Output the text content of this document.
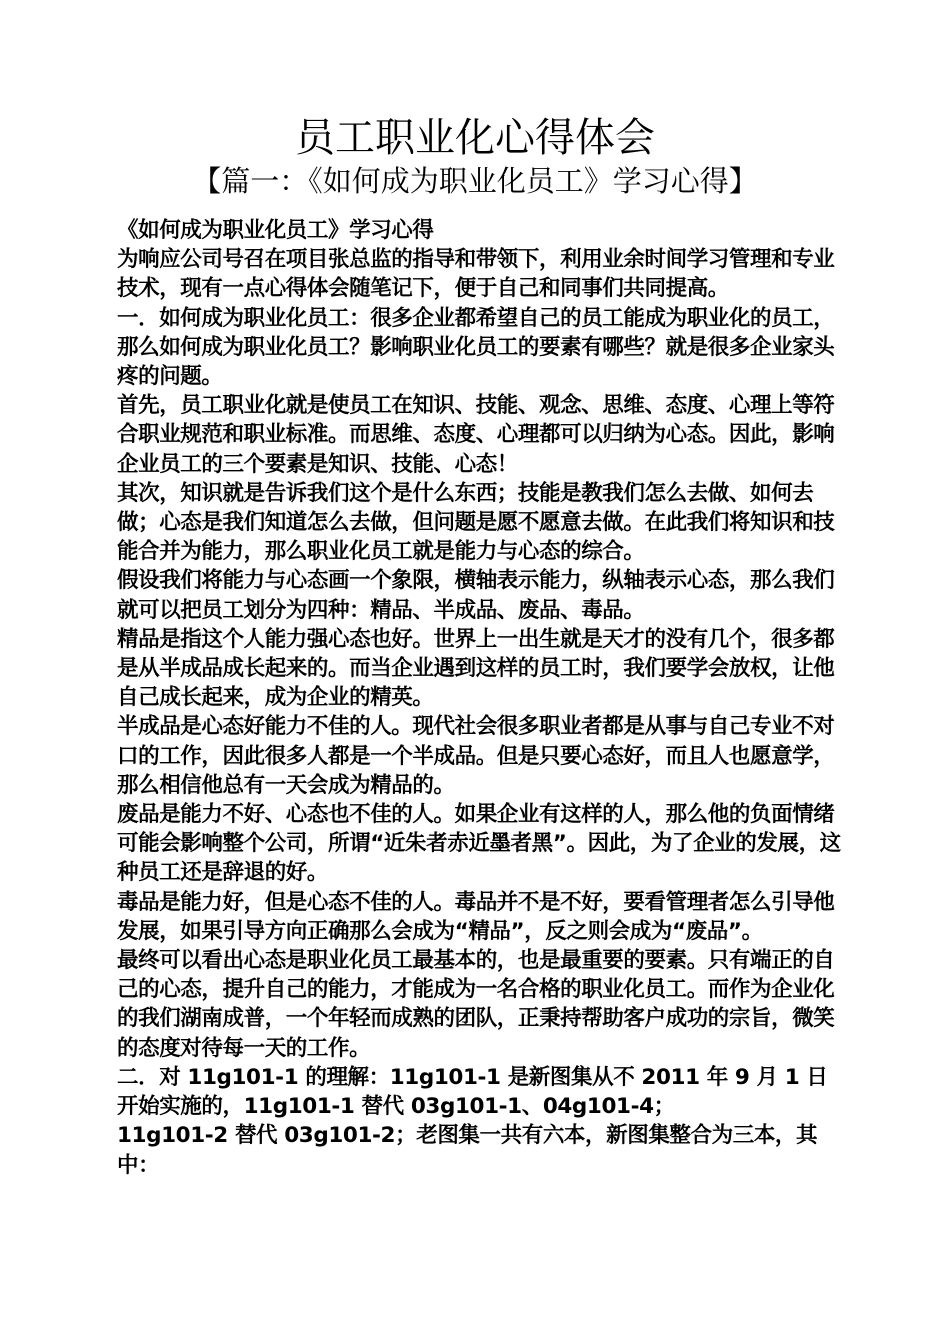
员工职业化心得体会
【篇一：《如何成为职业化员工》学习心得】

《如何成为职业化员工》学习心得

为响应公司号召在项目张总监的指导和带领下，利用业余时间学习管理和专业技术，现有一点心得体会随笔记下，便于自己和同事们共同提高。

一．如何成为职业化员工：很多企业都希望自己的员工能成为职业化的员工，那么如何成为职业化员工？影响职业化员工的要素有哪些？就是很多企业家头疼的问题。

首先，员工职业化就是使员工在知识、技能、观念、思维、态度、心理上等符合职业规范和职业标准。而思维、态度、心理都可以归纳为心态。因此，影响企业员工的三个要素是知识、技能、心态！

其次，知识就是告诉我们这个是什么东西；技能是教我们怎么去做、如何去做；心态是我们知道怎么去做，但问题是愿不愿意去做。在此我们将知识和技能合并为能力，那么职业化员工就是能力与心态的综合。

假设我们将能力与心态画一个象限，横轴表示能力，纵轴表示心态，那么我们就可以把员工划分为四种：精品、半成品、废品、毒品。

精品是指这个人能力强心态也好。世界上一出生就是天才的没有几个，很多都是从半成品成长起来的。而当企业遇到这样的员工时，我们要学会放权，让他自己成长起来，成为企业的精英。

半成品是心态好能力不佳的人。现代社会很多职业者都是从事与自己专业不对口的工作，因此很多人都是一个半成品。但是只要心态好，而且人也愿意学，那么相信他总有一天会成为精品的。

废品是能力不好、心态也不佳的人。如果企业有这样的人，那么他的负面情绪可能会影响整个公司，所谓“近朱者赤近墨者黑”。因此，为了企业的发展，这种员工还是辞退的好。

毒品是能力好，但是心态不佳的人。毒品并不是不好，要看管理者怎么引导他发展，如果引导方向正确那么会成为“精品”，反之则会成为“废品”。

最终可以看出心态是职业化员工最基本的，也是最重要的要素。只有端正的自己的心态，提升自己的能力，才能成为一名合格的职业化员工。而作为企业化的我们湖南成普，一个年轻而成熟的团队，正秉持帮助客户成功的宗旨，微笑的态度对待每一天的工作。

二．对 11g101-1 的理解：11g101-1 是新图集从不 2011 年 9 月 1 日开始实施的，11g101-1 替代 03g101-1、04g101-4；

11g101-2 替代 03g101-2；老图集一共有六本，新图集整合为三本，其中：
